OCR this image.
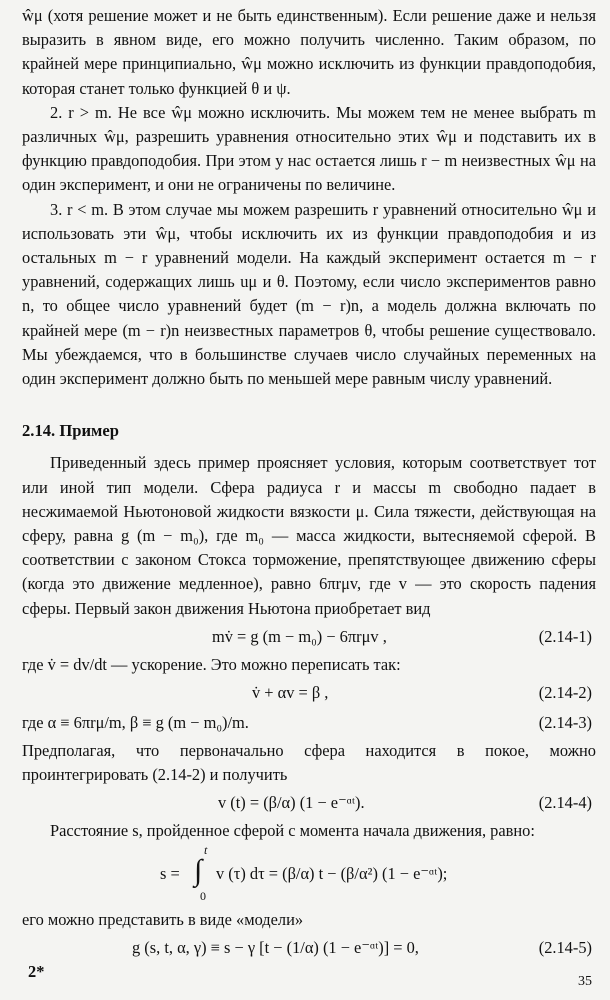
ŵμ (хотя решение может и не быть единственным). Если решение даже и нельзя выразить в явном виде, его можно получить численно. Таким образом, по крайней мере принципиально, ŵμ можно исключить из функции правдоподобия, которая станет только функцией θ и ψ.

2. r > m. Не все ŵμ можно исключить. Мы можем тем не менее выбрать m различных ŵμ, разрешить уравнения относительно этих ŵμ и подставить их в функцию правдоподобия. При этом у нас остается лишь r − m неизвестных ŵμ на один эксперимент, и они не ограничены по величине.

3. r < m. В этом случае мы можем разрешить r уравнений относительно ŵμ и использовать эти ŵμ, чтобы исключить их из функции правдоподобия и из остальных m − r уравнений модели. На каждый эксперимент остается m − r уравнений, содержащих лишь uμ и θ. Поэтому, если число экспериментов равно n, то общее число уравнений будет (m − r)n, а модель должна включать по крайней мере (m − r)n неизвестных параметров θ, чтобы решение существовало. Мы убеждаемся, что в большинстве случаев число случайных переменных на один эксперимент должно быть по меньшей мере равным числу уравнений.

2.14. Пример

Приведенный здесь пример проясняет условия, которым соответствует тот или иной тип модели. Сфера радиуса r и массы m свободно падает в несжимаемой Ньютоновой жидкости вязкости μ. Сила тяжести, действующая на сферу, равна g (m − m₀), где m₀ — масса жидкости, вытесняемой сферой. В соответствии с законом Стокса торможение, препятствующее движению сферы (когда это движение медленное), равно 6πrμv, где v — это скорость падения сферы. Первый закон движения Ньютона приобретает вид

mv̇ = g (m − m₀) − 6πrμv ,	(2.14-1)

где v̇ = dv/dt — ускорение. Это можно переписать так:

v̇ + αv = β ,	(2.14-2)
где α ≡ 6πrμ/m, β ≡ g (m − m₀)/m.	(2.14-3)

Предполагая, что первоначально сфера находится в покое, можно проинтегрировать (2.14-2) и получить

v (t) = (β/α) (1 − e⁻ᵅᵗ).	(2.14-4)

Расстояние s, пройденное сферой с момента начала движения, равно:

s = ∫
t
0
v (τ) dτ = (β/α) t − (β/α²) (1 − e⁻ᵅᵗ);

его можно представить в виде «модели»

g (s, t, α, γ) ≡ s − γ [t − (1/α) (1 − e⁻ᵅᵗ)] = 0,	(2.14-5)
2*
35
